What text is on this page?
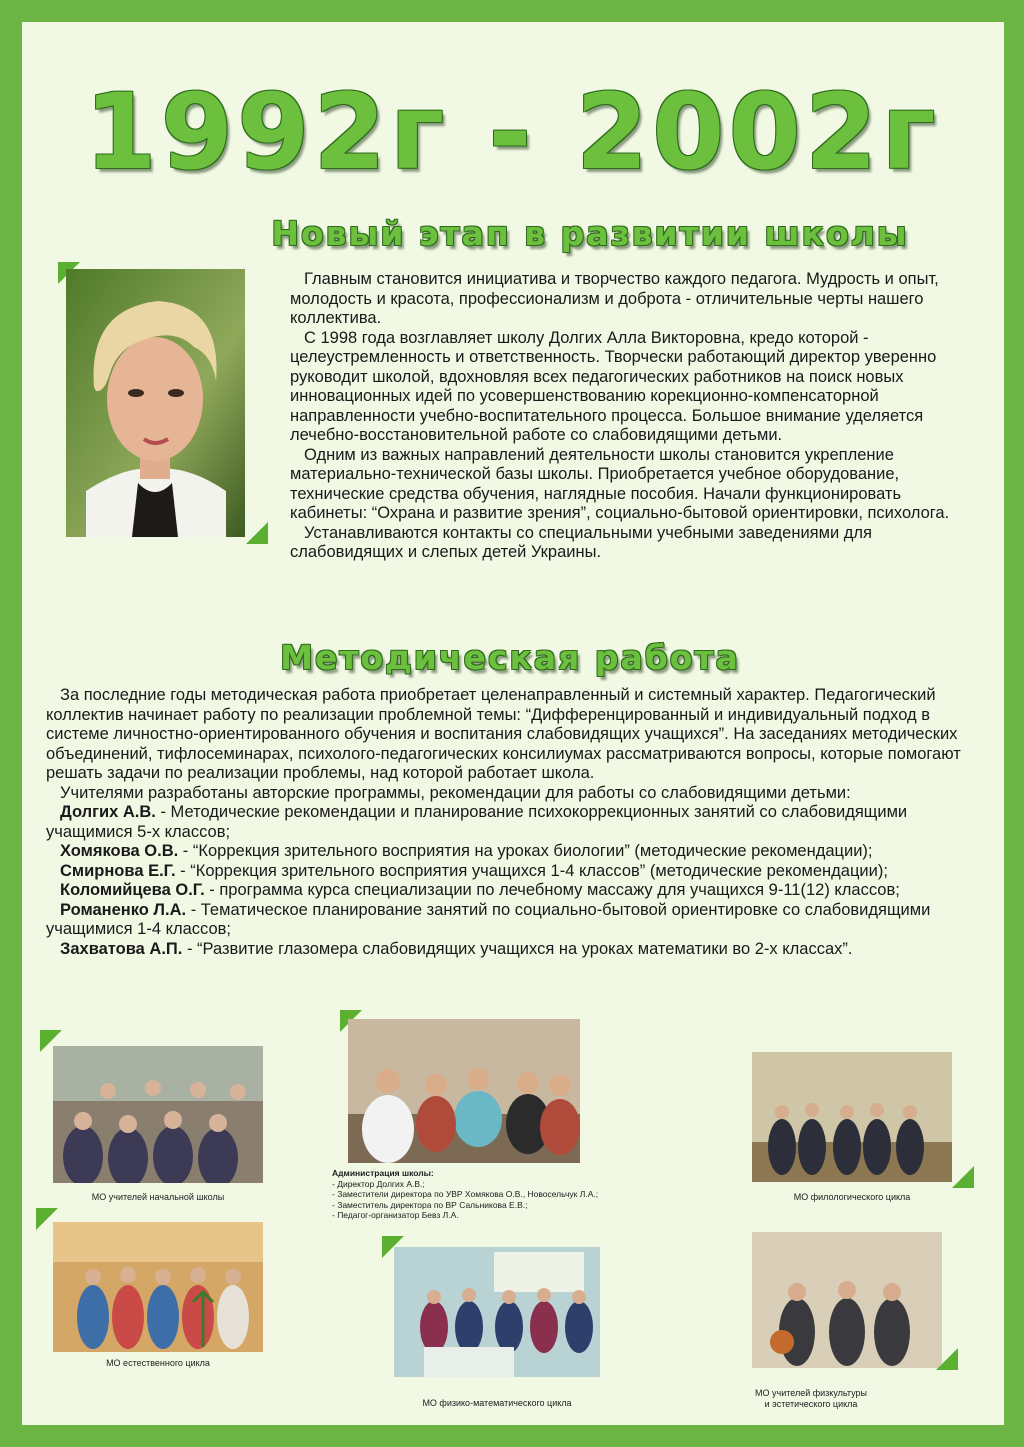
1992г - 2002г
Новый этап в развитии школы

Главным становится инициатива и творчество каждого педагога. Мудрость и опыт, молодость и красота, профессионализм и доброта - отличительные черты нашего коллектива.

С 1998 года возглавляет школу Долгих Алла Викторовна, кредо которой - целеустремленность и ответственность. Творчески работающий директор уверенно руководит школой, вдохновляя всех педагогических работников на поиск новых инновационных идей по усовершенствованию корекционно-компенсаторной направленности учебно-воспитательного процесса. Большое внимание уделяется лечебно-восстановительной работе со слабовидящими детьми.

Одним из важных направлений деятельности школы становится укрепление материально-технической базы школы. Приобретается учебное оборудование, технические средства обучения, наглядные пособия. Начали функционировать кабинеты: “Охрана и развитие зрения”, социально-бытовой ориентировки, психолога.

Устанавливаются контакты со специальными учебными заведениями для слабовидящих и слепых детей Украины.

Методическая работа

За последние годы методическая работа приобретает целенаправленный и системный характер. Педагогический коллектив начинает работу по реализации проблемной темы: “Дифференцированный и индивидуальный подход в системе личностно-ориентированного обучения и воспитания слабовидящих учащихся”. На заседаниях методических объединений, тифлосеминарах, психолого-педагогических консилиумах рассматриваются вопросы, которые помогают решать задачи по реализации проблемы, над которой работает школа.

Учителями разработаны авторские программы, рекомендации для работы со слабовидящими детьми:

Долгих А.В. - Методические рекомендации и планирование психокоррекционных занятий со слабовидящими учащимися 5-х классов;

Хомякова О.В. - “Коррекция зрительного восприятия на уроках биологии” (методические рекомендации);

Смирнова Е.Г. - “Коррекция зрительного восприятия учащихся 1-4 классов” (методические рекомендации);

Коломийцева О.Г. - программа курса специализации по лечебному массажу для учащихся 9-11(12) классов;

Романенко Л.А. - Тематическое планирование занятий по социально-бытовой ориентировке со слабовидящими учащимися 1-4 классов;

Захватова А.П. - “Развитие глазомера слабовидящих учащихся на уроках математики во 2-х классах”.

МО учителей начальной школы
Администрация школы:
- Директор Долгих А.В.;
- Заместители директора по УВР Хомякова О.В., Новосельчук Л.А.;
- Заместитель директора по ВР Сальникова Е.В.;
- Педагог-организатор Бевз Л.А.
МО филологического цикла
МО естественного цикла
МО физико-математического цикла
МО учителей физкультуры
и эстетического цикла
